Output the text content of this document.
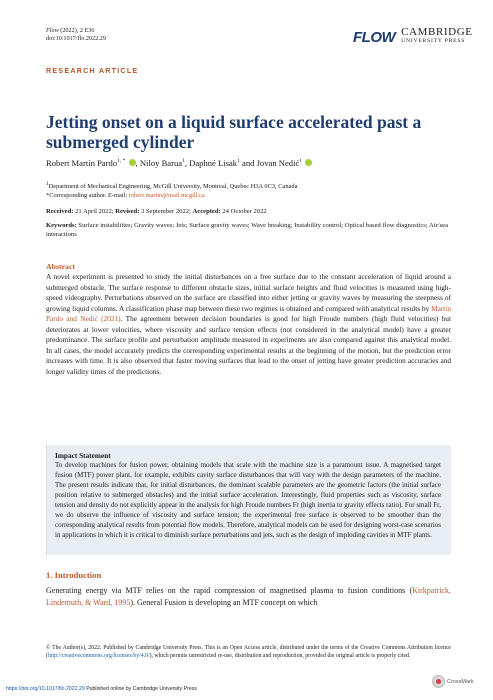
Flow (2022), 2 E36
doi:10.1017/flo.2022.29	FLOW CAMBRIDGE
UNIVERSITY PRESS
RESEARCH ARTICLE
Jetting onset on a liquid surface accelerated past a submerged cylinder
Robert Martín Pardo$^{1, *}$ , Niloy Barua$^1$, Daphné Lisak$^1$ and Jovan Nedić$^1$
$^1$Department of Mechanical Engineering, McGill University, Montreal, Quebec H3A 0C3, Canada
*Corresponding author. E-mail: robert.martin@mail.mcgill.ca
Received: 21 April 2022; Revised: 3 September 2022; Accepted: 24 October 2022
Keywords: Surface instabilities; Gravity waves; Jets; Surface gravity waves; Wave breaking; Instability control; Optical based flow diagnostics; Air/sea interactions
Abstract
A novel experiment is presented to study the initial disturbances on a free surface due to the constant acceleration of liquid around a submerged obstacle. The surface response to different obstacle sizes, initial surface heights and fluid velocities is measured using high-speed videography. Perturbations observed on the surface are classified into either jetting or gravity waves by measuring the steepness of growing liquid columns. A classification phase map between these two regimes is obtained and compared with analytical results by Martín Pardo and Nedić (2021). The agreement between decision boundaries is good for high Froude numbers (high fluid velocities) but deteriorates at lower velocities, where viscosity and surface tension effects (not considered in the analytical model) have a greater predominance. The surface profile and perturbation amplitude measured in experiments are also compared against this analytical model. In all cases, the model accurately predicts the corresponding experimental results at the beginning of the motion, but the prediction error increases with time. It is also observed that faster moving surfaces that lead to the onset of jetting have greater prediction accuracies and longer validity times of the predictions.
Impact Statement
To develop machines for fusion power, obtaining models that scale with the machine size is a paramount issue. A magnetised target fusion (MTF) power plant, for example, exhibits cavity surface disturbances that will vary with the design parameters of the machine. The present results indicate that, for initial disturbances, the dominant scalable parameters are the geometric factors (the initial surface position relative to submerged obstacles) and the initial surface acceleration. Interestingly, fluid properties such as viscosity, surface tension and density do not explicitly appear in the analysis for high Froude numbers Fr (high inertia to gravity effects ratio). For small Fr, we do observe the influence of viscosity and surface tension; the experimental free surface is observed to be smoother than the corresponding analytical results from potential flow models. Therefore, analytical models can be used for designing worst-case scenarios in applications in which it is critical to diminish surface perturbations and jets, such as the design of imploding cavities in MTF plants.
1. Introduction
Generating energy via MTF relies on the rapid compression of magnetised plasma to fusion conditions (Kirkpatrick, Lindemuth, & Ward, 1995). General Fusion is developing an MTF concept on which
© The Author(s), 2022. Published by Cambridge University Press. This is an Open Access article, distributed under the terms of the Creative Commons Attribution licence (http://creativecommons.org/licenses/by/4.0/), which permits unrestricted re-use, distribution and reproduction, provided the original article is properly cited.
https://doi.org/10.1017/flo.2022.29 Published online by Cambridge University Press
CrossMark
